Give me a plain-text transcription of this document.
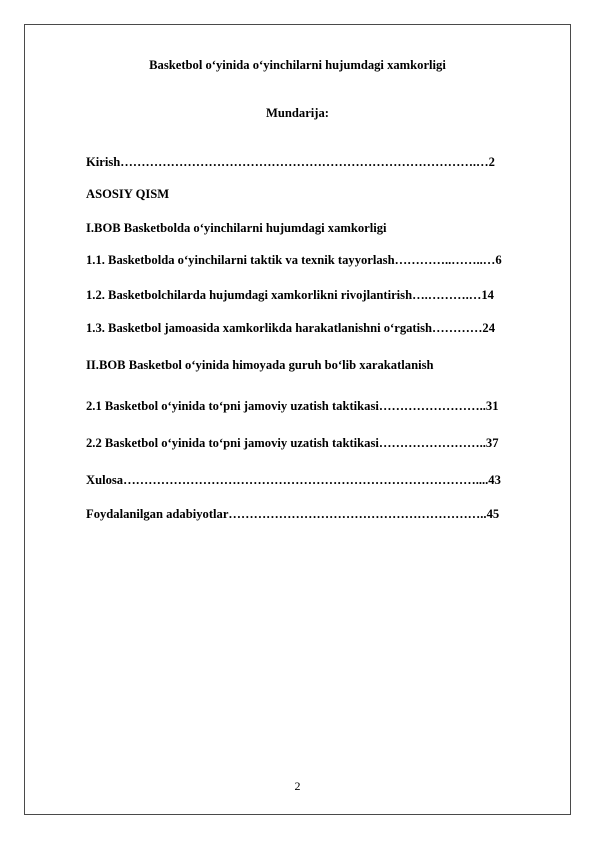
Basketbol o‘yinida o‘yinchilarni hujumdagi xamkorligi
Mundarija:
Kirish………………………………………………………………………….…2
ASOSIY QISM
I.BOB Basketbolda o‘yinchilarni hujumdagi xamkorligi
1.1. Basketbolda o‘yinchilarni taktik va texnik tayyorlash…………..……..…6
1.2. Basketbolchilarda hujumdagi xamkorlikni rivojlantirish….……….…14
1.3. Basketbol jamoasida xamkorlikda harakatlanishni o‘rgatish…………24
II.BOB Basketbol o‘yinida himoyada guruh bo‘lib xarakatlanish
2.1 Basketbol o‘yinida to‘pni jamoviy uzatish taktikasi……………………..31
2.2 Basketbol o‘yinida to‘pni jamoviy uzatish taktikasi……………………..37
Xulosa…………………………………………………………………………....43
Foydalanilgan adabiyotlar……………………………………………………..45
2
